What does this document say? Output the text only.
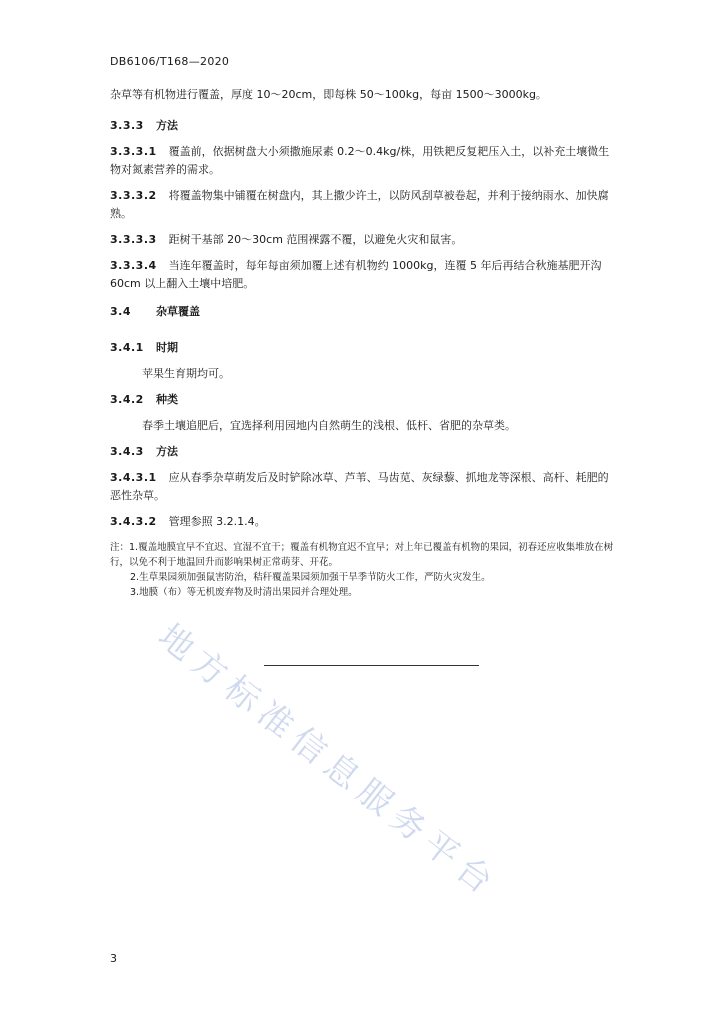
DB6106/T168—2020

杂草等有机物进行覆盖，厚度 10～20cm，即每株 50～100kg，每亩 1500～3000kg。

3.3.3	方法
3.3.3.1 覆盖前，依据树盘大小须撒施尿素 0.2～0.4kg/株，用铁耙反复耙压入土，以补充土壤微生物对氮素营养的需求。
3.3.3.2 将覆盖物集中铺覆在树盘内，其上撒少许土，以防风刮草被卷起，并利于接纳雨水、加快腐熟。
3.3.3.3 距树干基部 20～30cm 范围裸露不覆，以避免火灾和鼠害。
3.3.3.4 当连年覆盖时，每年每亩须加覆上述有机物约 1000kg，连覆 5 年后再结合秋施基肥开沟 60cm 以上翻入土壤中培肥。
3.4	杂草覆盖
3.4.1	时期

苹果生育期均可。

3.4.2	种类

春季土壤追肥后，宜选择利用园地内自然萌生的浅根、低杆、省肥的杂草类。

3.4.3	方法
3.4.3.1 应从春季杂草萌发后及时铲除冰草、芦苇、马齿苋、灰绿藜、抓地龙等深根、高杆、耗肥的恶性杂草。
3.4.3.2 管理参照 3.2.1.4。

注：1.覆盖地膜宜早不宜迟、宜湿不宜干；覆盖有机物宜迟不宜早；对上年已覆盖有机物的果园，初春还应收集堆放在树行，以免不利于地温回升而影响果树正常萌芽、开花。

2.生草果园须加强鼠害防治，秸秆覆盖果园须加强干旱季节防火工作，严防火灾发生。

3.地膜（布）等无机废弃物及时清出果园并合理处理。

地方标准信息服务平台
3
